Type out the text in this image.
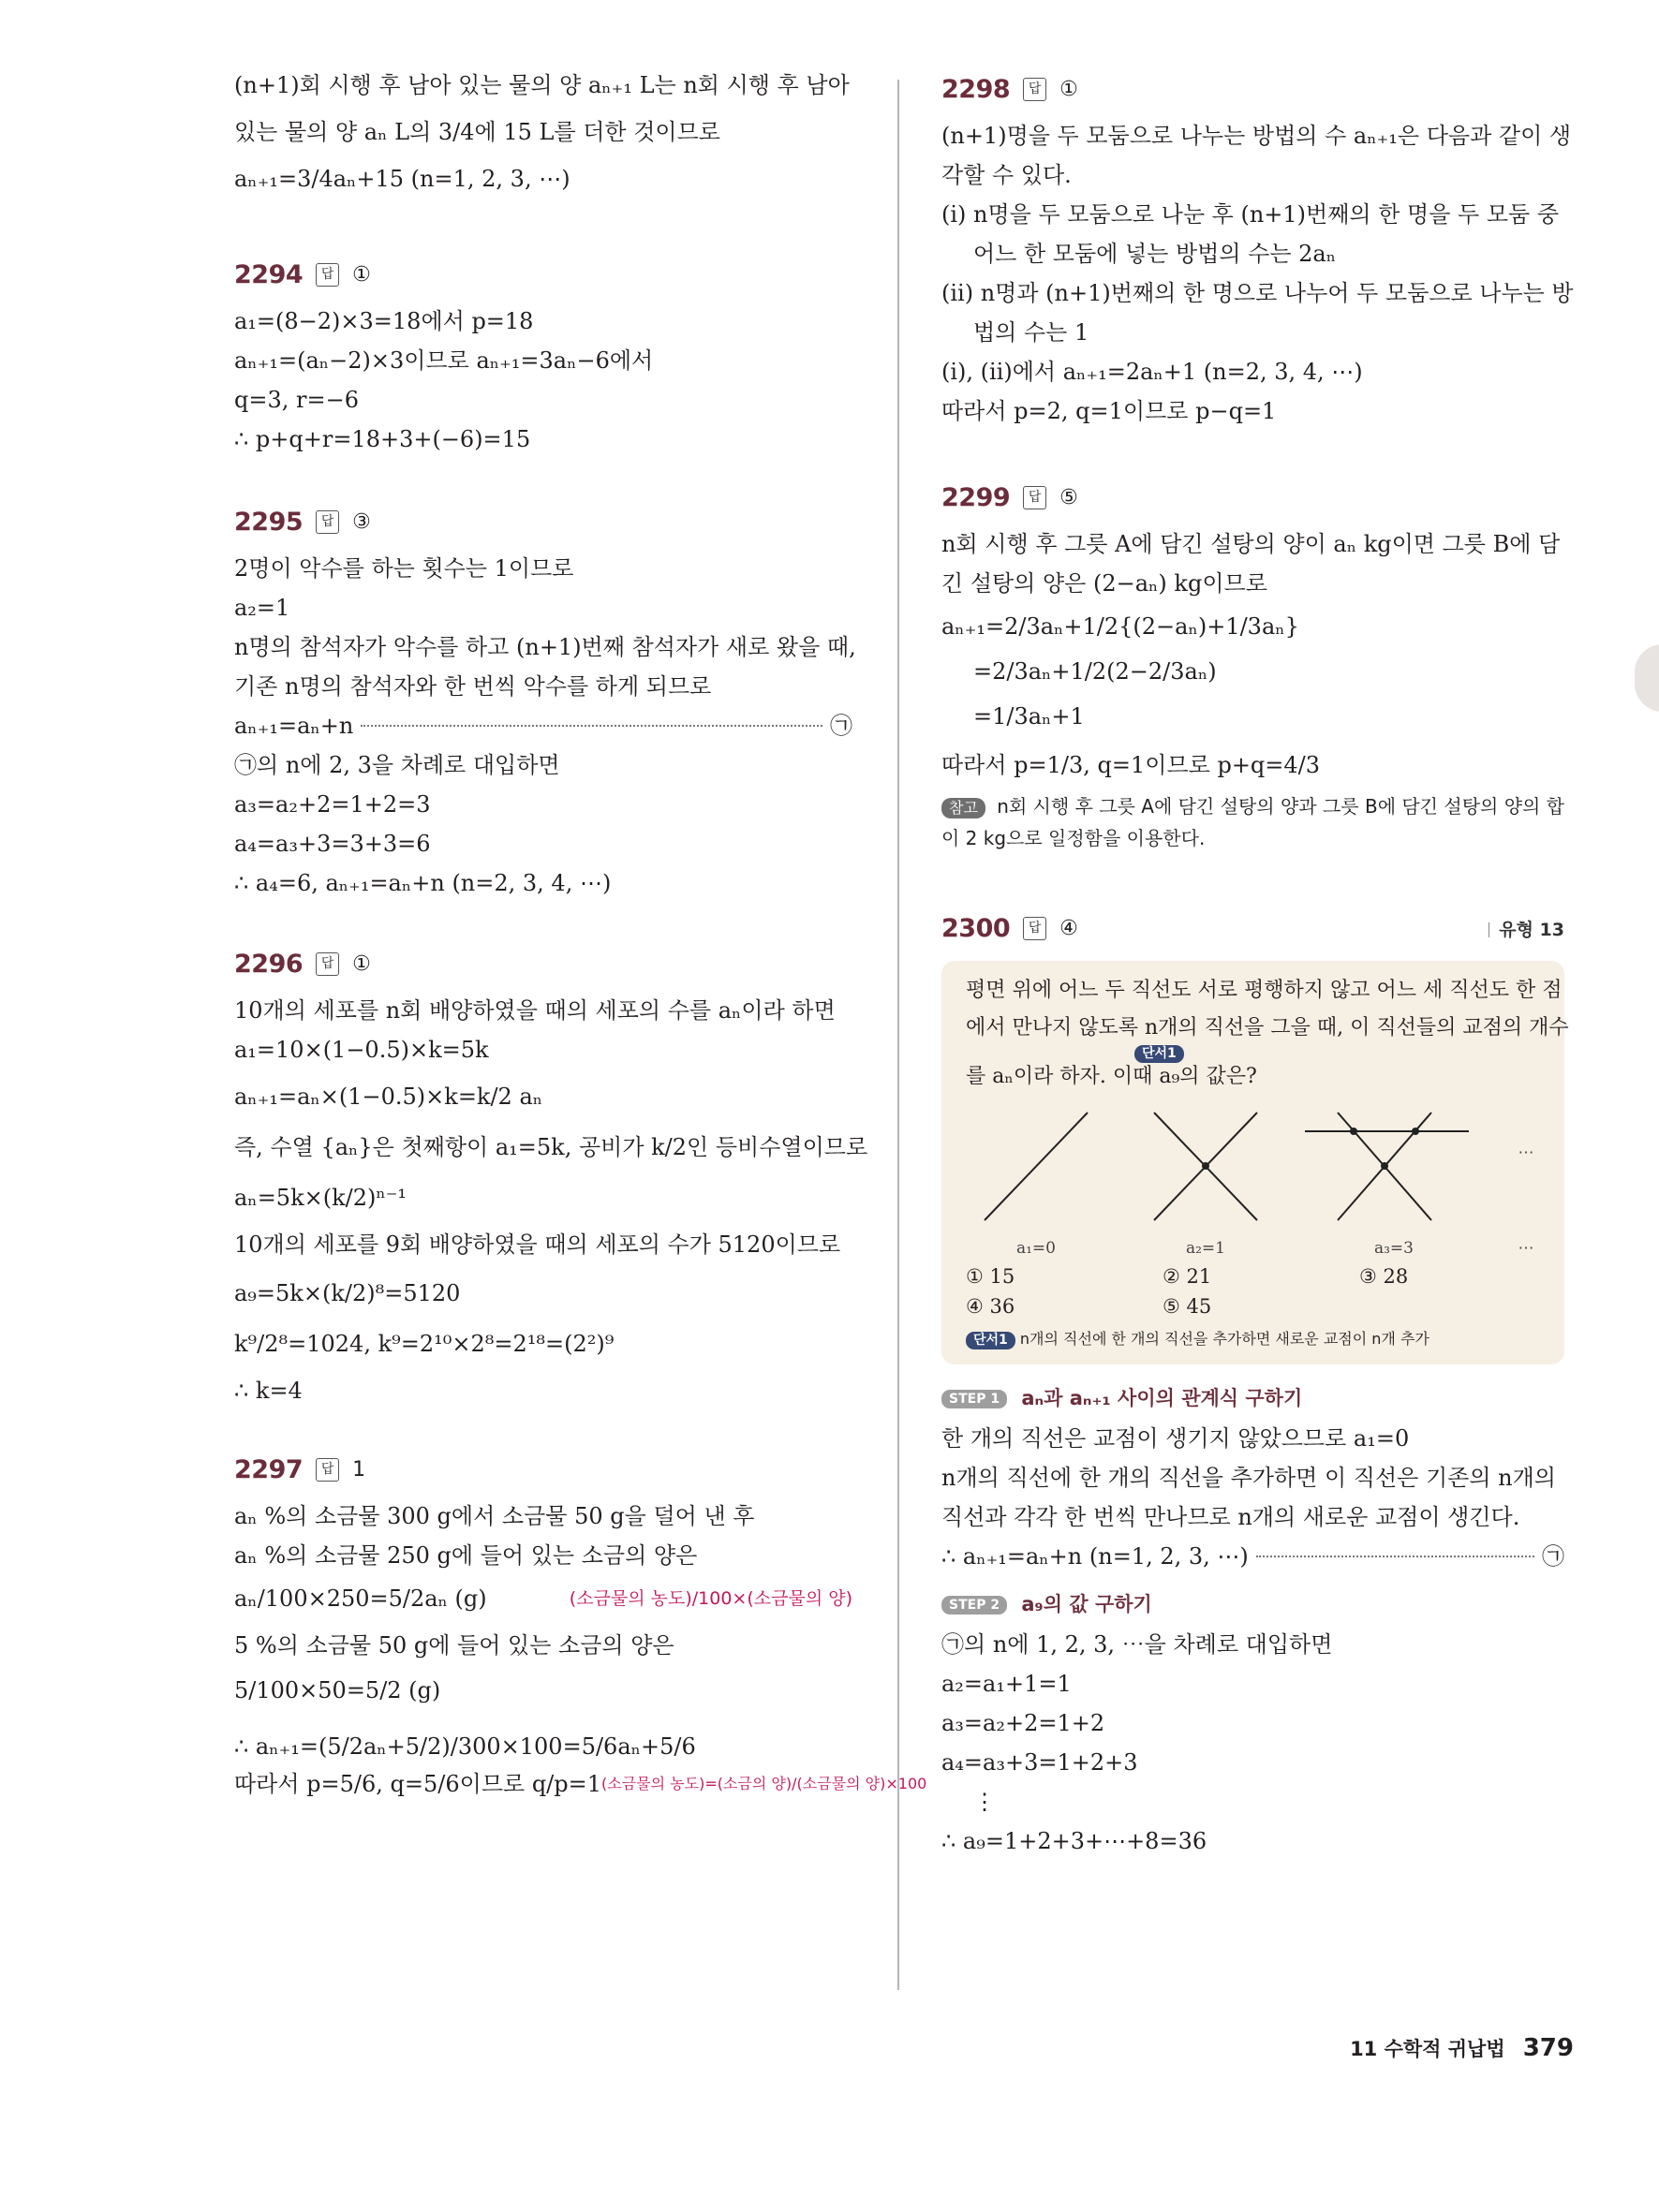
(n+1)회 시행 후 남아 있는 물의 양 aₙ₊₁ L는 n회 시행 후 남아
있는 물의 양 aₙ L의 3/4에 15 L를 더한 것이므로
aₙ₊₁=3/4aₙ+15 (n=1, 2, 3, ⋯)
2294	답 ①
a₁=(8−2)×3=18에서 p=18
aₙ₊₁=(aₙ−2)×3이므로 aₙ₊₁=3aₙ−6에서
q=3, r=−6
∴ p+q+r=18+3+(−6)=15
2295	답 ③
2명이 악수를 하는 횟수는 1이므로
a₂=1
n명의 참석자가 악수를 하고 (n+1)번째 참석자가 새로 왔을 때,
기존 n명의 참석자와 한 번씩 악수를 하게 되므로
aₙ₊₁=aₙ+n	㉠
㉠의 n에 2, 3을 차례로 대입하면
a₃=a₂+2=1+2=3
a₄=a₃+3=3+3=6
∴ a₄=6, aₙ₊₁=aₙ+n (n=2, 3, 4, ⋯)
2296	답 ①
10개의 세포를 n회 배양하였을 때의 세포의 수를 aₙ이라 하면
a₁=10×(1−0.5)×k=5k
aₙ₊₁=aₙ×(1−0.5)×k=k/2 aₙ
즉, 수열 {aₙ}은 첫째항이 a₁=5k, 공비가 k/2인 등비수열이므로
aₙ=5k×(k/2)ⁿ⁻¹
10개의 세포를 9회 배양하였을 때의 세포의 수가 5120이므로
a₉=5k×(k/2)⁸=5120
k⁹/2⁸=1024, k⁹=2¹⁰×2⁸=2¹⁸=(2²)⁹
∴ k=4
2297	답 1
aₙ %의 소금물 300 g에서 소금물 50 g을 덜어 낸 후
aₙ %의 소금물 250 g에 들어 있는 소금의 양은
aₙ/100×250=5/2aₙ (g)	(소금물의 농도)/100×(소금물의 양)
5 %의 소금물 50 g에 들어 있는 소금의 양은
5/100×50=5/2 (g)
∴ aₙ₊₁=(5/2aₙ+5/2)/300×100=5/6aₙ+5/6
따라서 p=5/6, q=5/6이므로 q/p=1 (소금물의 농도)=(소금의 양)/(소금물의 양)×100
2298	답 ①
(n+1)명을 두 모둠으로 나누는 방법의 수 aₙ₊₁은 다음과 같이 생
각할 수 있다.
(ⅰ) n명을 두 모둠으로 나눈 후 (n+1)번째의 한 명을 두 모둠 중
어느 한 모둠에 넣는 방법의 수는 2aₙ
(ⅱ) n명과 (n+1)번째의 한 명으로 나누어 두 모둠으로 나누는 방
법의 수는 1
(ⅰ), (ⅱ)에서 aₙ₊₁=2aₙ+1 (n=2, 3, 4, ⋯)
따라서 p=2, q=1이므로 p−q=1
2299	답 ⑤
n회 시행 후 그릇 A에 담긴 설탕의 양이 aₙ kg이면 그릇 B에 담
긴 설탕의 양은 (2−aₙ) kg이므로
aₙ₊₁=2/3aₙ+1/2{(2−aₙ)+1/3aₙ}
=2/3aₙ+1/2(2−2/3aₙ)
=1/3aₙ+1
따라서 p=1/3, q=1이므로 p+q=4/3
참고 n회 시행 후 그릇 A에 담긴 설탕의 양과 그릇 B에 담긴 설탕의 양의 합이 2 kg으로 일정함을 이용한다.
2300	답 ④	유형 13
평면 위에 어느 두 직선도 서로 평행하지 않고 어느 세 직선도 한 점
에서 만나지 않도록 n개의 직선을 그을 때, 이 직선들의 교점의 개수
단서1
를 aₙ이라 하자. 이때 a₉의 값은?
a₁=0	a₂=1	a₃=3
⋯
⋯
① 15	② 21	③ 28
④ 36	⑤ 45
단서1 n개의 직선에 한 개의 직선을 추가하면 새로운 교점이 n개 추가
STEP 1 aₙ과 aₙ₊₁ 사이의 관계식 구하기
한 개의 직선은 교점이 생기지 않았으므로 a₁=0
n개의 직선에 한 개의 직선을 추가하면 이 직선은 기존의 n개의
직선과 각각 한 번씩 만나므로 n개의 새로운 교점이 생긴다.
∴ aₙ₊₁=aₙ+n (n=1, 2, 3, ⋯)	㉠
STEP 2 a₉의 값 구하기
㉠의 n에 1, 2, 3, ⋯을 차례로 대입하면
a₂=a₁+1=1
a₃=a₂+2=1+2
a₄=a₃+3=1+2+3
⋮
∴ a₉=1+2+3+⋯+8=36
11 수학적 귀납법 379
